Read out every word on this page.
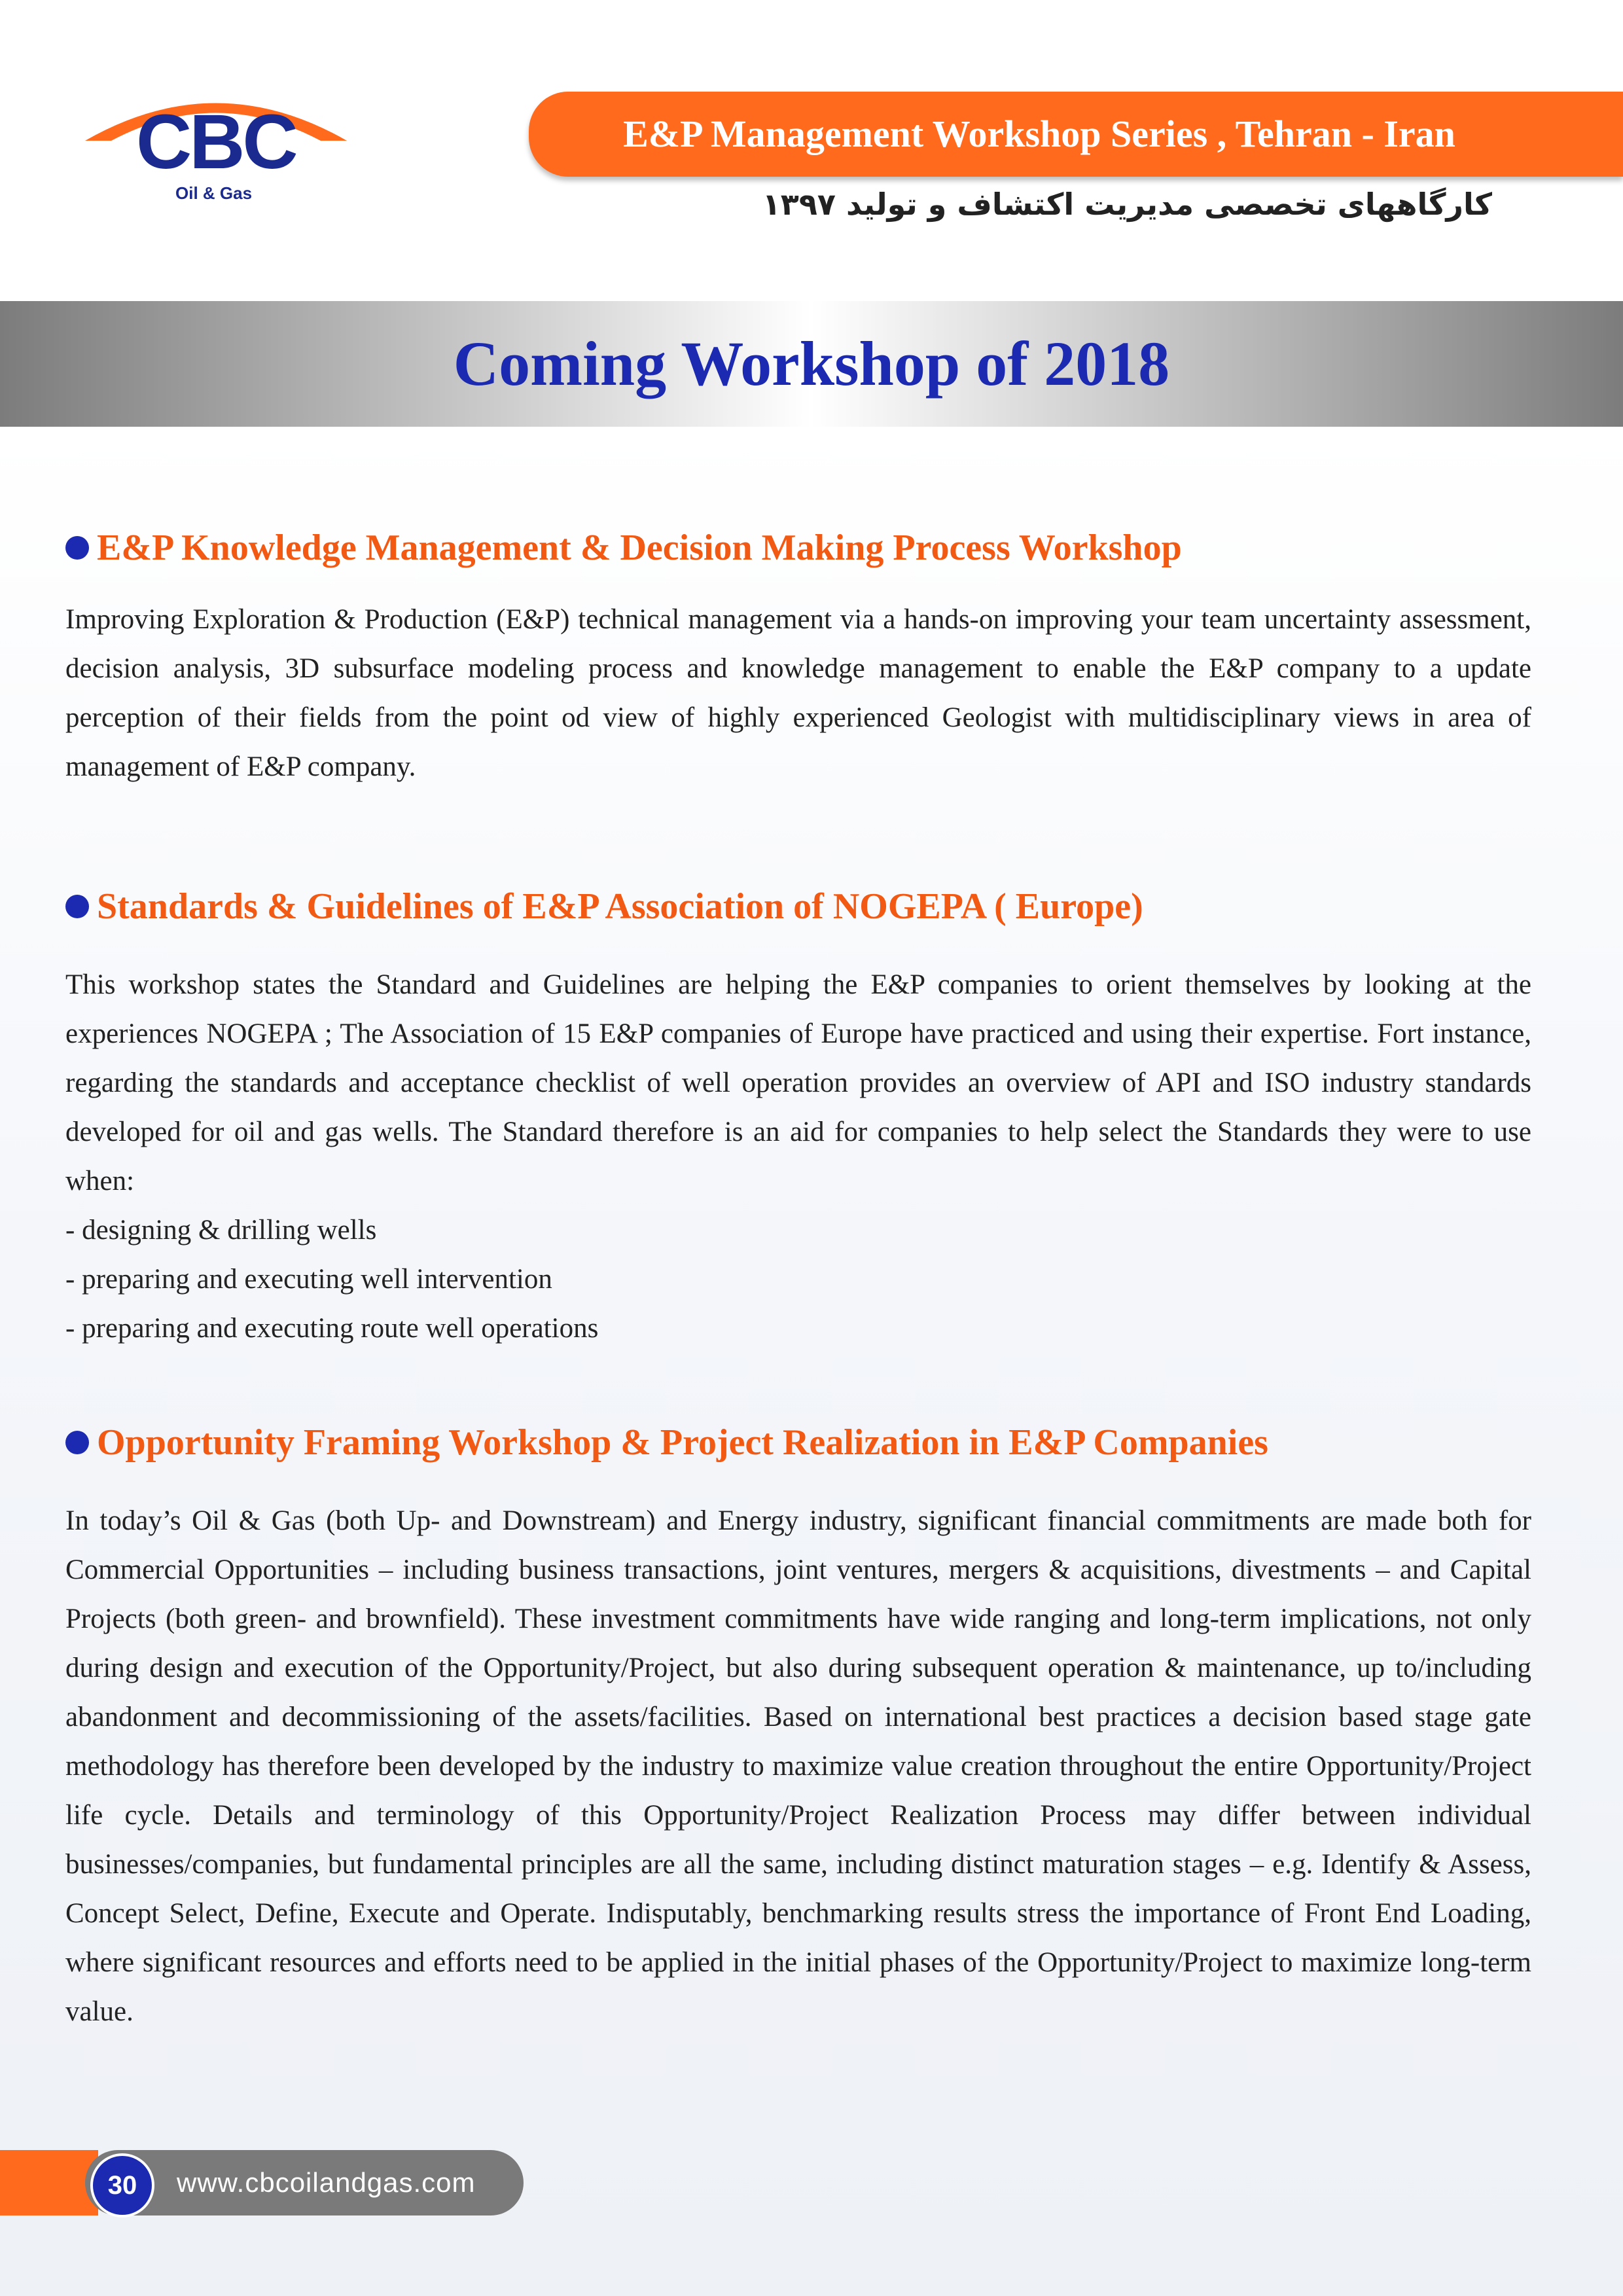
CBC
Oil & Gas
E&P Management Workshop Series , Tehran - Iran
کارگاههای تخصصی مدیریت اکتشاف و تولید ۱۳۹۷
Coming Workshop of 2018
E&P Knowledge Management & Decision Making Process Workshop

Improving Exploration & Production (E&P) technical management via a hands-on improving your team uncertainty assessment, decision analysis, 3D subsurface modeling process and knowledge management to enable the E&P company to a update perception of their fields from the point od view of highly experienced Geologist with multidisciplinary views in area of management of E&P company.

Standards & Guidelines of E&P Association of NOGEPA ( Europe)

This workshop states the Standard and Guidelines are helping the E&P companies to orient themselves by looking at the experiences NOGEPA ; The Association of 15 E&P companies of Europe have practiced and using their expertise. Fort instance, regarding the standards and acceptance checklist of well operation provides an overview of API and ISO industry standards developed for oil and gas wells. The Standard therefore is an aid for companies to help select the Standards they were to use when:

- designing & drilling wells

- preparing and executing well intervention

- preparing and executing route well operations

Opportunity Framing Workshop & Project Realization in E&P Companies

In today’s Oil & Gas (both Up- and Downstream) and Energy industry, significant financial commitments are made both for Commercial Opportunities – including business transactions, joint ventures, mergers & acquisitions, divestments – and Capital Projects (both green- and brownfield). These investment commitments have wide ranging and long-term implications, not only during design and execution of the Opportunity/Project, but also during subsequent operation & maintenance, up to/including abandonment and decommissioning of the assets/facilities. Based on international best practices a decision based stage gate methodology has therefore been developed by the industry to maximize value creation throughout the entire Opportunity/Project life cycle. Details and terminology of this Opportunity/Project Realization Process may differ between individual businesses/companies, but fundamental principles are all the same, including distinct maturation stages – e.g. Identify & Assess, Concept Select, Define, Execute and Operate. Indisputably, benchmarking results stress the importance of Front End Loading, where significant resources and efforts need to be applied in the initial phases of the Opportunity/Project to maximize long-term value.

30	www.cbcoilandgas.com
